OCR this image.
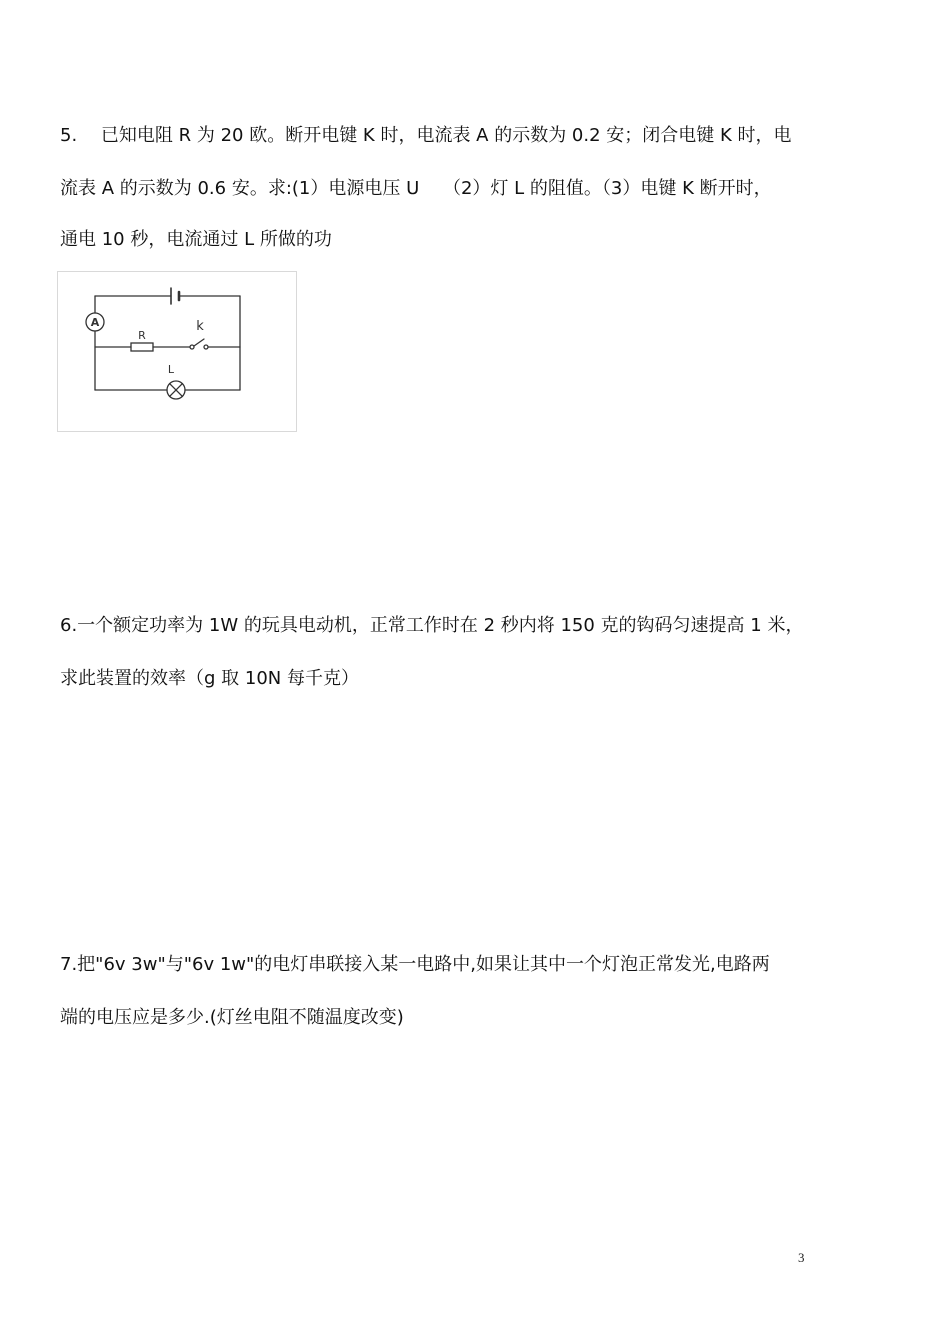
5.　 已知电阻 R 为 20 欧。断开电键 K 时，电流表 A 的示数为 0.2 安；闭合电键 K 时，电

流表 A 的示数为 0.6 安。求:(1）电源电压 U　 （2）灯 L 的阻值。（3）电键 K 断开时，

通电 10 秒，电流通过 L 所做的功

A
R
k
L

6.一个额定功率为 1W 的玩具电动机，正常工作时在 2 秒内将 150 克的钩码匀速提高 1 米，

求此装置的效率（g 取 10N 每千克）

7.把"6v 3w"与"6v 1w"的电灯串联接入某一电路中,如果让其中一个灯泡正常发光,电路两

端的电压应是多少.(灯丝电阻不随温度改变)

3
